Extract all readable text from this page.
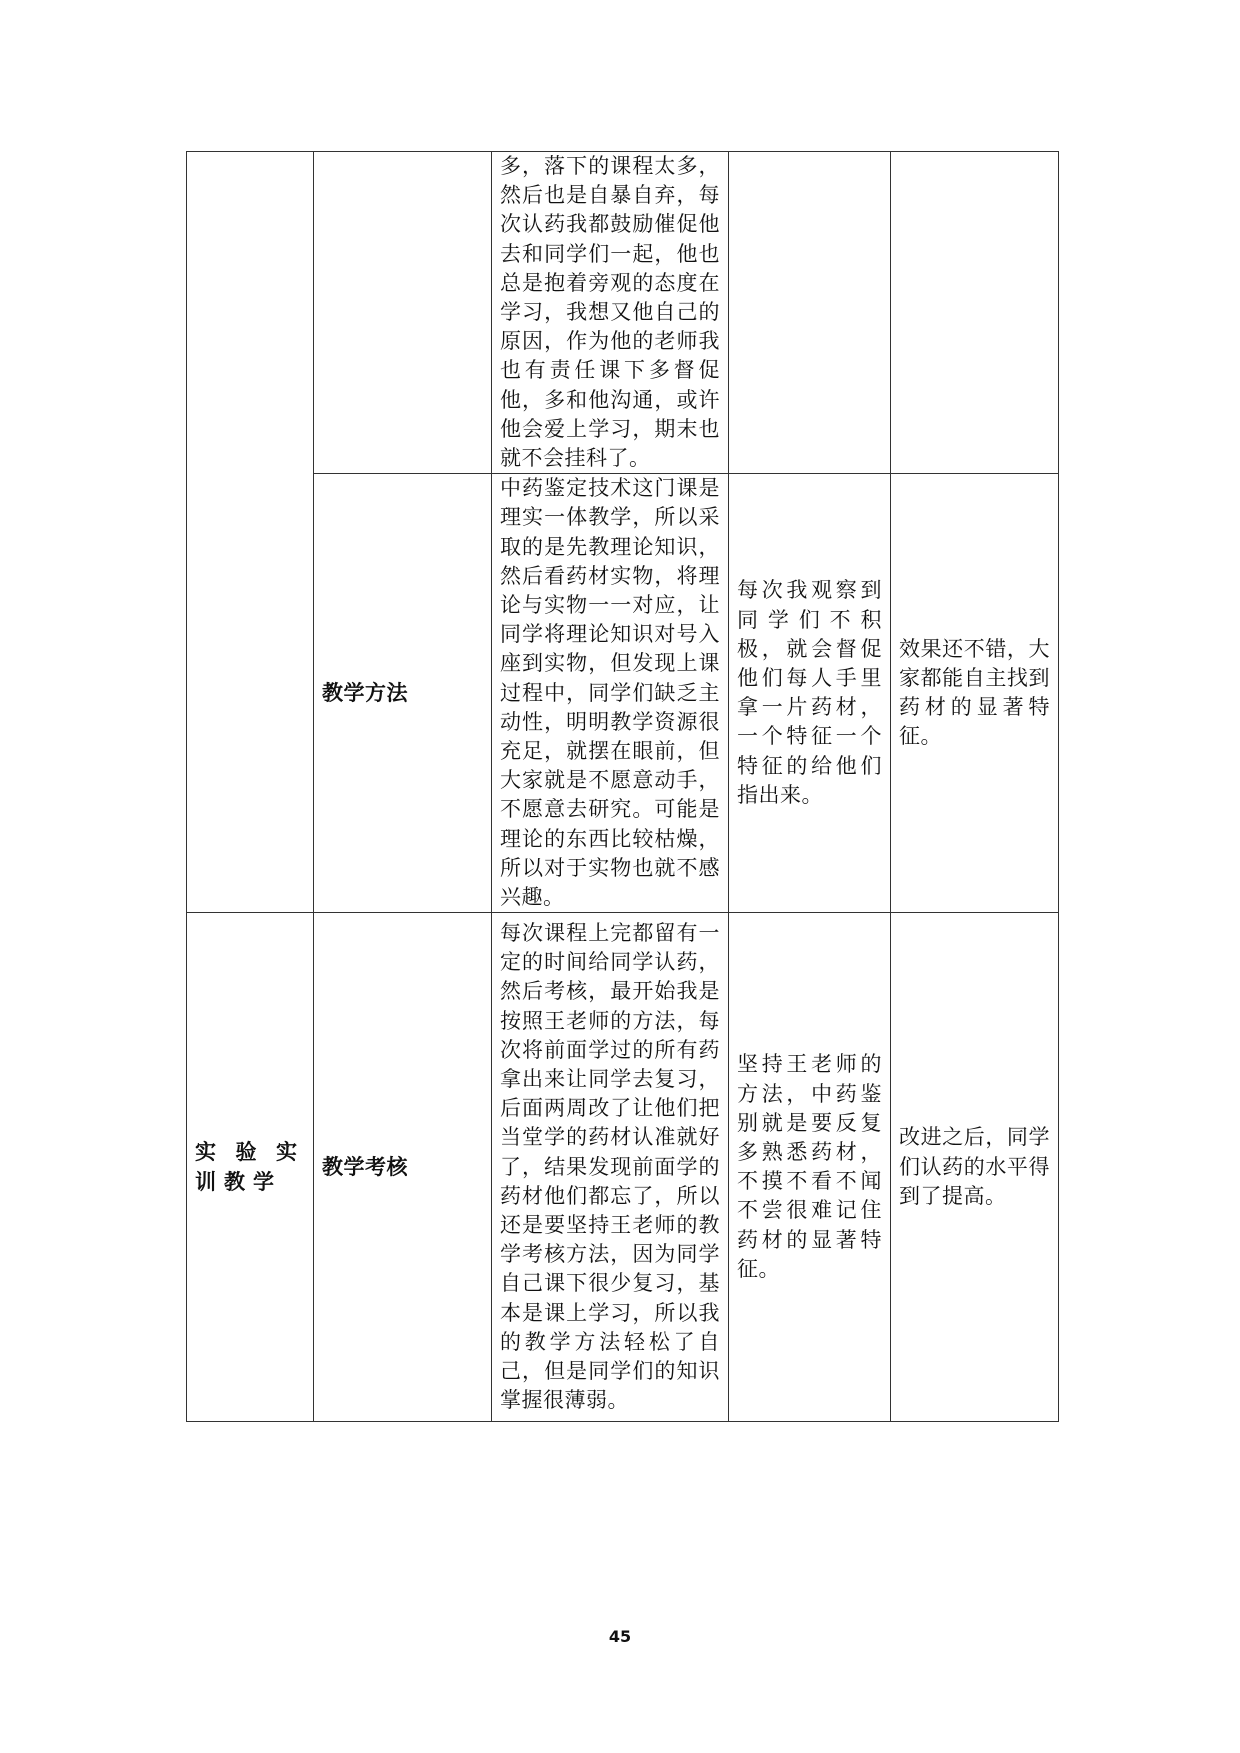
		多，落下的课程太多，然后也是自暴自弃，每次认药我都鼓励催促他去和同学们一起，他也总是抱着旁观的态度在学习，我想又他自己的原因，作为他的老师我也有责任课下多督促他，多和他沟通，或许他会爱上学习，期末也就不会挂科了。		
	教学方法	中药鉴定技术这门课是理实一体教学，所以采取的是先教理论知识，然后看药材实物，将理论与实物一一对应，让同学将理论知识对号入座到实物，但发现上课过程中，同学们缺乏主动性，明明教学资源很充足，就摆在眼前，但大家就是不愿意动手，不愿意去研究。可能是理论的东西比较枯燥，所以对于实物也就不感兴趣。	每次我观察到同学们不积极，就会督促他们每人手里拿一片药材，一个特征一个特征的给他们指出来。	效果还不错，大家都能自主找到药材的显著特征。

实验实训教学	教学考核	每次课程上完都留有一定的时间给同学认药，然后考核，最开始我是按照王老师的方法，每次将前面学过的所有药拿出来让同学去复习，后面两周改了让他们把当堂学的药材认准就好了，结果发现前面学的药材他们都忘了，所以还是要坚持王老师的教学考核方法，因为同学自己课下很少复习，基本是课上学习，所以我的教学方法轻松了自己，但是同学们的知识掌握很薄弱。	坚持王老师的方法，中药鉴别就是要反复多熟悉药材，不摸不看不闻不尝很难记住药材的显著特征。	改进之后，同学们认药的水平得到了提高。
45
